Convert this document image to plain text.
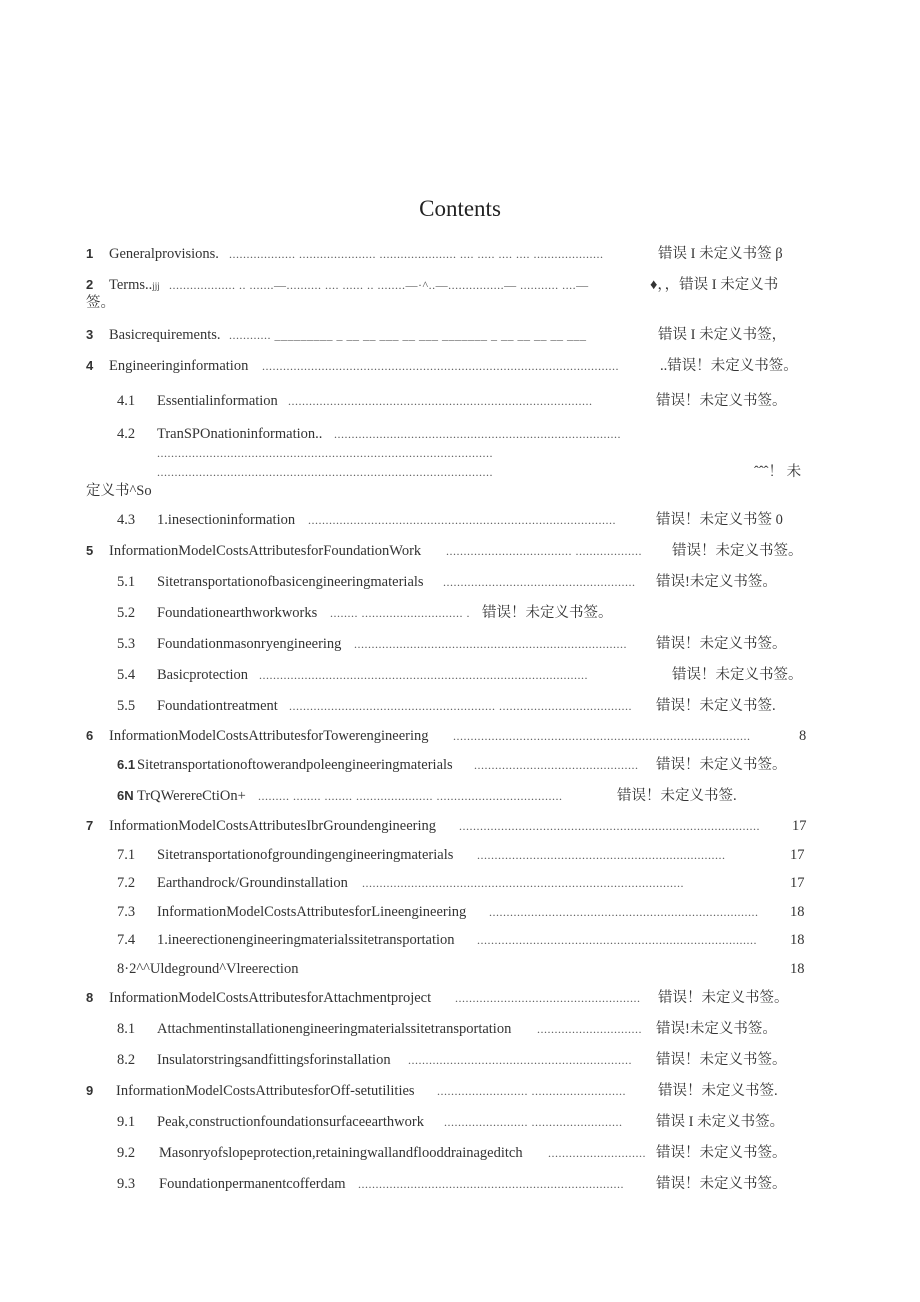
Contents
1 Generalprovisions. ................... ...................... ...................... .... ..... .... .... ....................	错误 I 未定义书签 β
2 Terms..jjj ................... .. .......—.......... .... ...... .. ........—·^..—................— ........... ....—	♦，，错误 I 未定义书
签。
3 Basicrequirements. ............ _________ _ __ __ ___ __ ___ _______ _ __ __ __ __ ___	错误 I 未定义书签，
4 Engineeringinformation ......................................................................................................	..错误！未定义书签。
4.1 Essentialinformation .......................................................................................	错误！未定义书签。
4.2 TranSPOnationinformation.. ..................................................................................
................................................................................................
................................................................................................	ˆˆˆ！ 未
定义书^So
4.3 1.inesectioninformation ........................................................................................	错误！未定义书签 0
5 InformationModelCostsAttributesforFoundationWork .................................... ...................	错误！未定义书签。
5.1 Sitetransportationofbasicengineeringmaterials .......................................................	错误!未定义书签。
5.2 Foundationearthworkworks ........ ............................. . 错误！未定义书签。
5.3 Foundationmasonryengineering ..............................................................................	错误！未定义书签。
5.4 Basicprotection ..............................................................................................	错误！未定义书签。
5.5 Foundationtreatment ........................................................... ......................................	错误！未定义书签.
6 InformationModelCostsAttributesforTowerengineering .....................................................................................	8
6.1 Sitetransportationoftowerandpoleengineeringmaterials ...............................................	错误！未定义书签。
6N TrQWerereCtiOn+ ......... ........ ........ ...................... ....................................	错误！未定义书签.
7 InformationModelCostsAttributesIbrGroundengineering ......................................................................................	17
7.1 Sitetransportationofgroundingengineeringmaterials .......................................................................	17
7.2 Earthandrock/Groundinstallation ............................................................................................	17
7.3 InformationModelCostsAttributesforLineengineering .............................................................................	18
7.4 1.ineerectionengineeringmaterialssitetransportation ................................................................................	18
8·2^^Uldeground^Vlreerection	18
8 InformationModelCostsAttributesforAttachmentproject .....................................................	错误！未定义书签。
8.1 Attachmentinstallationengineeringmaterialssitetransportation .............................. 错误!未定义书签。
8.2 Insulatorstringsandfittingsforinstallation ................................................................	错误！未定义书签。
9 InformationModelCostsAttributesforOff-setutilities .......................... ...........................	错误！未定义书签.
9.1 Peak,constructionfoundationsurfaceearthwork ........................ ..........................	错误 I 未定义书签。
9.2 Masonryofslopeprotection,retainingwallandflooddrainageditch ............................ 错误！未定义书签。
9.3 Foundationpermanentcofferdam ............................................................................	错误！未定义书签。
